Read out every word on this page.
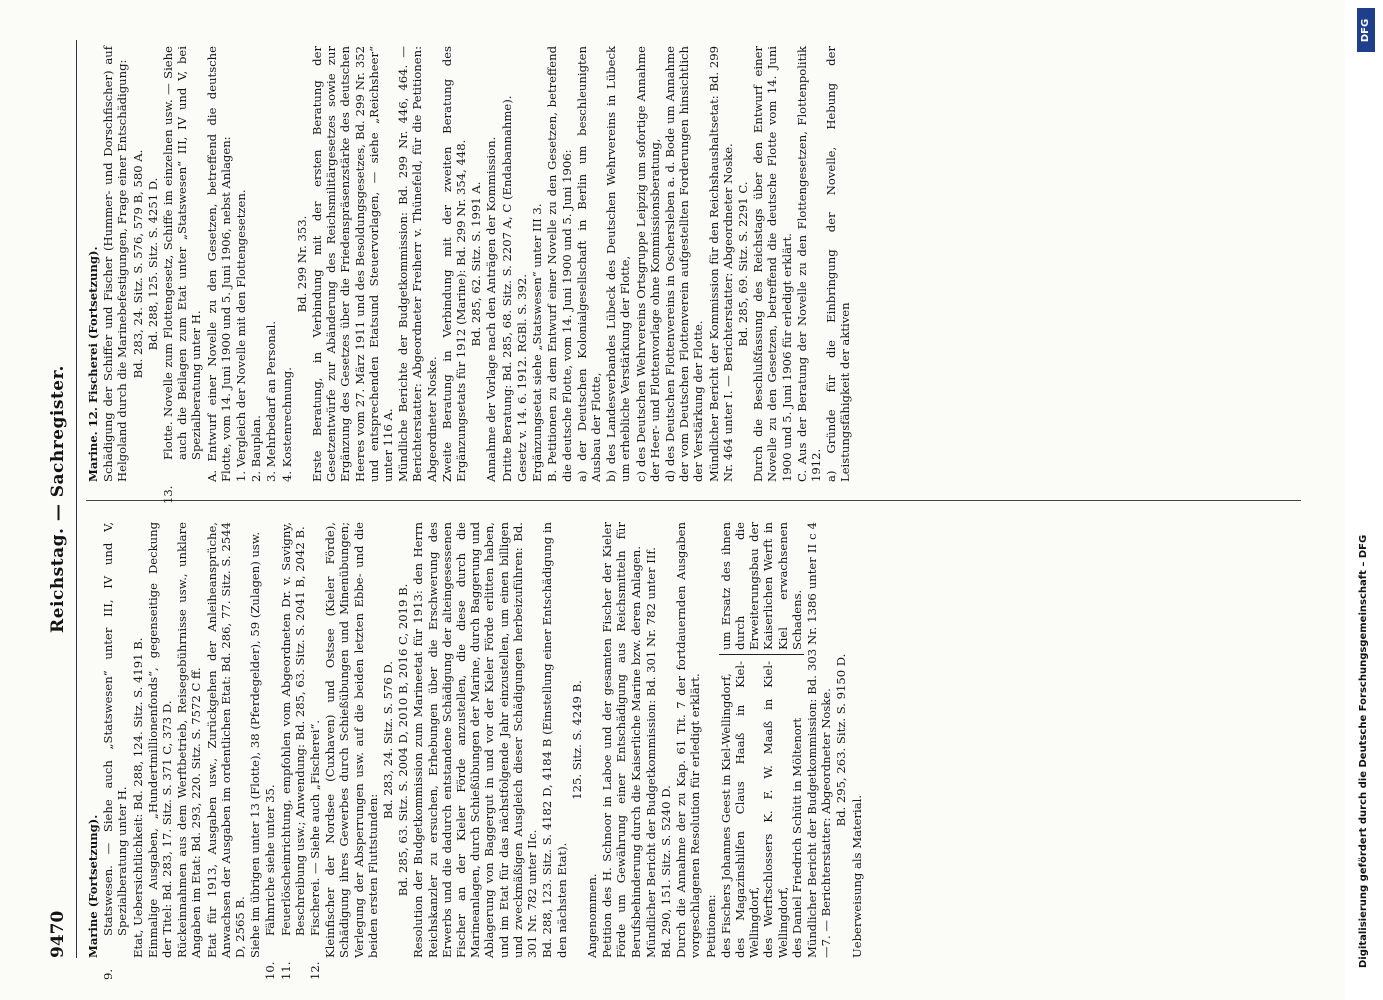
9470
Reichstag. — Sachregister.

Marine (Fortsetzung).

9.Statswesen. — Siehe auch „Statswesen“ unter III, IV und V, Spezialberatung unter H. Etat, Uebersichtlichkeit: Bd. 288, 124. Sitz. S. 4191 B. Einmalige Ausgaben, „Hundertmillionenfonds“, gegenseitige Deckung der Titel: Bd. 283, 17. Sitz. S. 371 C, 373 D. Rückeinnahmen aus dem Werftbetrieb, Reisegebührnisse usw., unklare Angaben im Etat: Bd. 293, 220. Sitz. S. 7572 C ff. Etat für 1913, Ausgaben usw., Zurückgehen der Anleiheansprüche, Anwachsen der Ausgaben im ordentlichen Etat: Bd. 286, 77. Sitz. S. 2544 D, 2565 B. Siehe im übrigen unter 13 (Flotte), 38 (Pferdegelder), 59 (Zulagen) usw.

10.Fähnriche siehe unter 35.

11.Feuerlöscheinrichtung, empfohlen vom Abgeordneten Dr. v. Savigny, Beschreibung usw.; Anwendung: Bd. 285, 63. Sitz. S. 2041 B, 2042 B.

12.Fischerei. — Siehe auch „Fischerei“. Kleinfischer der Nordsee (Cuxhaven) und Ostsee (Kieler Förde), Schädigung ihres Gewerbes durch Schießübungen und Minenübungen; Verlegung der Absperrungen usw. auf die beiden letzten Ebbe- und die beiden ersten Fluttstunden:

Bd. 283, 24. Sitz. S. 576 D. Bd. 285, 63. Sitz. S. 2004 D, 2010 B, 2016 C, 2019 B. Resolution der Budgetkommission zum Marineetat für 1913: den Herrn Reichskanzler zu ersuchen, Erhebungen über die Erschwerung des Erwerbs und die dadurch entstandene Schädigung der alteingesessenen Fischer an der Kieler Förde anzustellen, die diese durch die Marineanlagen, durch Schießübungen der Marine, durch Baggerung und Ablagerung von Baggergut in und vor der Kieler Förde erlitten haben, und im Etat für das nächstfolgende Jahr einzustellen, um einen billigen und zweckmäßigen Ausgleich dieser Schädigungen herbeizuführen: Bd. 301 Nr. 782 unter IIc. Bd. 288, 123. Sitz. S. 4182 D, 4184 B (Einstellung einer Entschädigung in den nächsten Etat).

125. Sitz. S. 4249 B.

Angenommen. Petition des H. Schnoor in Laboe und der gesamten Fischer der Kieler Förde um Gewährung einer Entschädigung aus Reichsmitteln für Berufsbehinderung durch die Kaiserliche Marine bzw. deren Anlagen. Mündlicher Bericht der Budgetkommission: Bd. 301 Nr. 782 unter IIf. Bd. 290, 151. Sitz. S. 5240 D. Durch die Annahme der zu Kap. 61 Tit. 7 der fortdauernden Ausgaben vorgeschlagenen Resolution für erledigt erklärt. Petitionen: des Fischers Johannes Geest in Kiel-Wellingdorf, des Magazinshilfen Claus Haaß in Kiel-Wellingdorf, des Werftschlossers K. F. W. Maaß in Kiel-Wellingdorf, des Daniel Friedrich Schütt in Möltenort
um Ersatz des ihnen durch die Erweiterungsbau der Kaiserlichen Werft in Kiel erwachsenen Schadens. Mündlicher Bericht der Budgetkommission: Bd. 303 Nr. 1386 unter II c 4—7. — Berichterstatter: Abgeordneter Noske. Bd. 295, 263. Sitz. S. 9150 D.

Ueberweisung als Material.

Marine. 12. Fischerei (Fortsetzung). Schädigung der Schiffer und Fischer (Hummer- und Dorschfischer) auf Helgoland durch die Marinebefestigungen, Frage einer Entschädigung: Bd. 283, 24. Sitz. S. 576, 579 B, 580 A. Bd. 288, 125. Sitz. S. 4251 D.

13.Flotte. Novelle zum Flottengesetz, Schiffe im einzelnen usw. — Siehe auch die Beilagen zum Etat unter „Statswesen“ III, IV und V, bei Spezialberatung unter H. A. Entwurf einer Novelle zu den Gesetzen, betreffend die deutsche Flotte, vom 14. Juni 1900 und 5. Juni 1906, nebst Anlagen: 1. Vergleich der Novelle mit den Flottengesetzen. 2. Bauplan. 3. Mehrbedarf an Personal. 4. Kostenrechnung.

Bd. 299 Nr. 353. Erste Beratung, in Verbindung mit der ersten Beratung der Gesetzentwürfe zur Abänderung des Reichsmilitärgesetzes sowie zur Ergänzung des Gesetzes über die Friedenspräsenzstärke des deutschen Heeres vom 27. März 1911 und des Besoldungsgesetzes, Bd. 299 Nr. 352 und entsprechenden Etatsund Steuervorlagen, — siehe „Reichsheer“ unter 116 A. Mündliche Berichte der Budgetkommission: Bd. 299 Nr. 446, 464. — Berichterstatter: Abgeordneter Freiherr v. Thünefeld, für die Petitionen: Abgeordneter Noske. Zweite Beratung in Verbindung mit der zweiten Beratung des Ergänzungsetats für 1912 (Marine): Bd. 299 Nr. 354, 448. Bd. 285, 62. Sitz. S. 1991 A. Annahme der Vorlage nach den Anträgen der Kommission. Dritte Beratung: Bd. 285, 68. Sitz. S. 2207 A, C (Endabannahme). Gesetz v. 14. 6. 1912. RGBl. S. 392. Ergänzungsetat siehe „Statswesen“ unter III 3. B. Petitionen zu dem Entwurf einer Novelle zu den Gesetzen, betreffend die deutsche Flotte, vom 14. Juni 1900 und 5. Juni 1906: a) der Deutschen Kolonialgesellschaft in Berlin um beschleunigten Ausbau der Flotte, b) des Landesverbandes Lübeck des Deutschen Wehrvereins in Lübeck um erhebliche Verstärkung der Flotte, c) des Deutschen Wehrvereins Ortsgruppe Leipzig um sofortige Annahme der Heer- und Flottenvorlage ohne Kommissionsberatung, d) des Deutschen Flottenvereins in Oschersleben a. d. Bode um Annahme der vom Deutschen Flottenverein aufgestellten Forderungen hinsichtlich der Verstärkung der Flotte. Mündlicher Bericht der Kommission für den Reichshaushaltsetat: Bd. 299 Nr. 464 unter I. — Berichterstatter: Abgeordneter Noske. Bd. 285, 69. Sitz. S. 2291 C. Durch die Beschlußfassung des Reichstags über den Entwurf einer Novelle zu den Gesetzen, betreffend die deutsche Flotte vom 14. Juni 1900 und 5. Juni 1906 für erledigt erklärt. C. Aus der Beratung der Novelle zu den Flottengesetzen, Flottenpolitik 1912. a) Gründe für die Einbringung der Novelle, Hebung der Leistungsfähigkeit der aktiven

DFG
Digitalisierung gefördert durch die Deutsche Forschungsgemeinschaft – DFG
